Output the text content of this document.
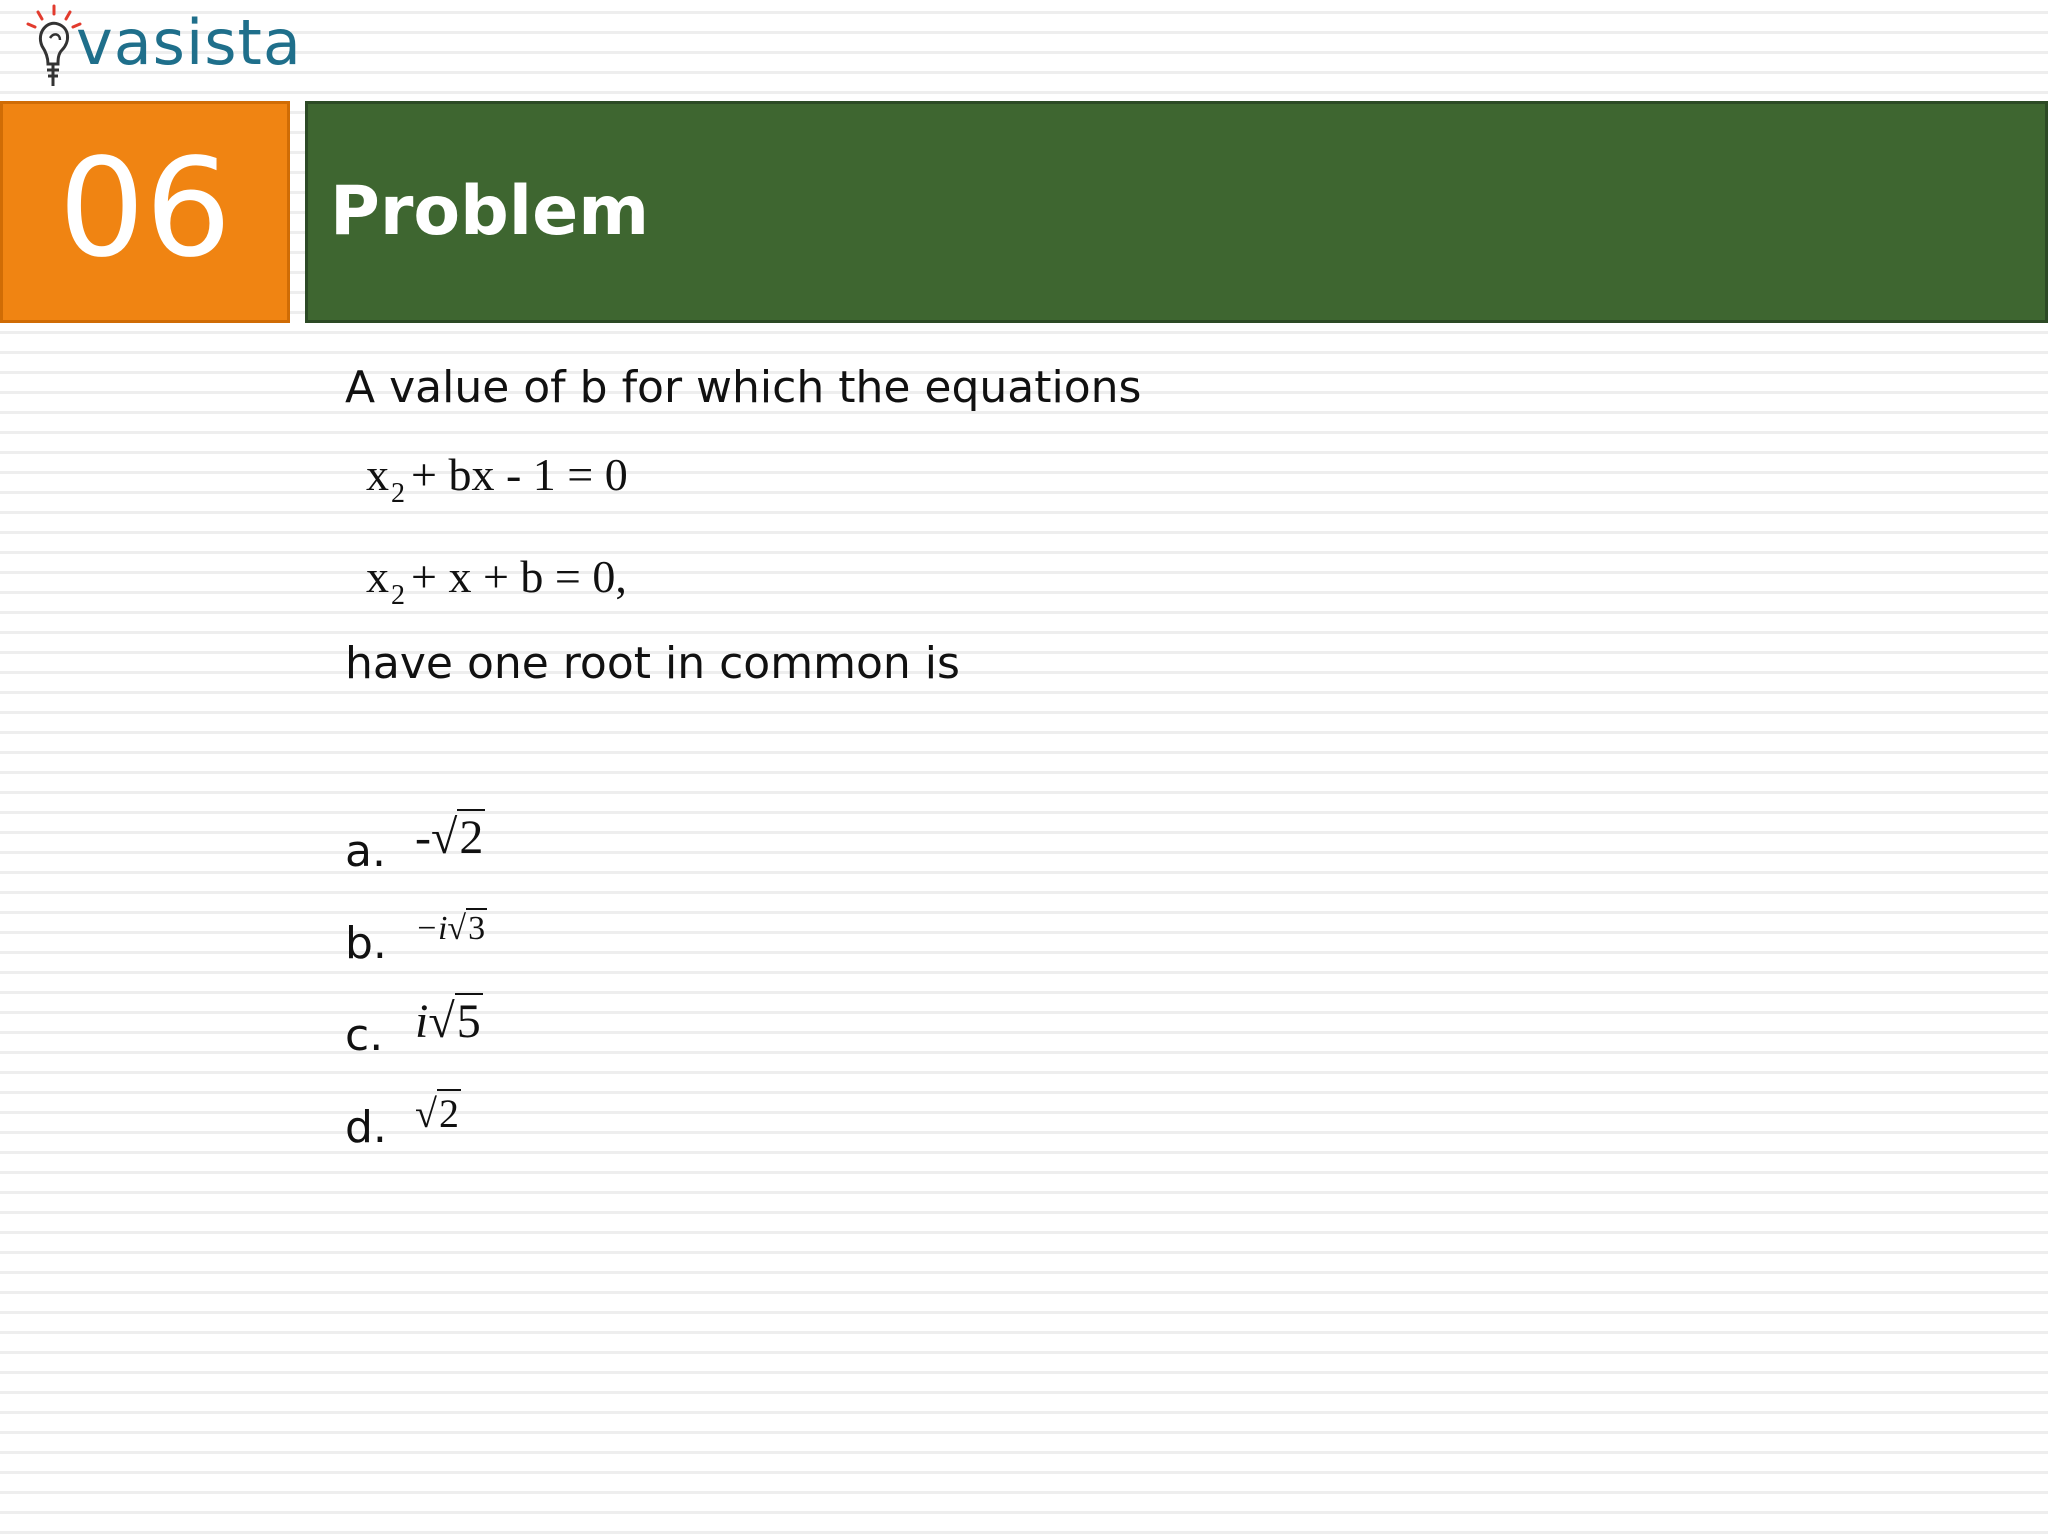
vasista
06 Problem
A value of b for which the equations
$x_2$ + bx - 1 = 0
$x_2 + x + b = 0$,
have one root in common is
a. -√2
b. −i√3
c. i√5
d. √2
